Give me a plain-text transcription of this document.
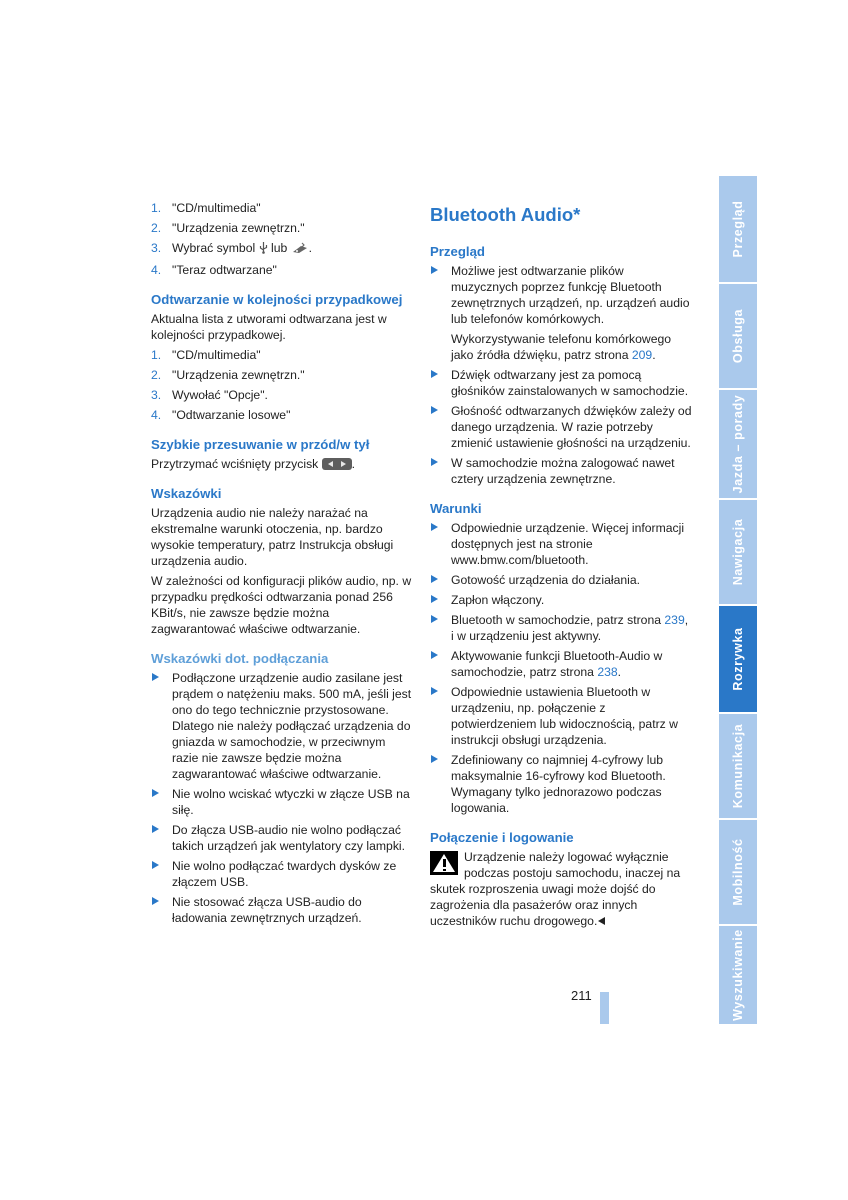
1. "CD/multimedia"
2. "Urządzenia zewnętrzn."
3. Wybrać symbol lub .
4. "Teraz odtwarzane"
Odtwarzanie w kolejności przypadkowej

Aktualna lista z utworami odtwarzana jest w kolejności przypadkowej.

1. "CD/multimedia"
2. "Urządzenia zewnętrzn."
3. Wywołać "Opcje".
4. "Odtwarzanie losowe"
Szybkie przesuwanie w przód/w tył

Przytrzymać wciśnięty przycisk	.

Wskazówki

Urządzenia audio nie należy narażać na ekstremalne warunki otoczenia, np. bardzo wysokie temperatury, patrz Instrukcja obsługi urządzenia audio.

W zależności od konfiguracji plików audio, np. w przypadku prędkości odtwarzania ponad 256 KBit/s, nie zawsze będzie można zagwarantować właściwe odtwarzanie.

Wskazówki dot. podłączania
Podłączone urządzenie audio zasilane jest prądem o natężeniu maks. 500 mA, jeśli jest ono do tego technicznie przystosowane. Dlatego nie należy podłączać urządzenia do gniazda w samochodzie, w przeciwnym razie nie zawsze będzie można zagwarantować właściwe odtwarzanie.
Nie wolno wciskać wtyczki w złącze USB na siłę.
Do złącza USB-audio nie wolno podłączać takich urządzeń jak wentylatory czy lampki.
Nie wolno podłączać twardych dysków ze złączem USB.
Nie stosować złącza USB-audio do ładowania zewnętrznych urządzeń.
Bluetooth Audio*
Przegląd
Możliwe jest odtwarzanie plików muzycznych poprzez funkcję Bluetooth zewnętrznych urządzeń, np. urządzeń audio lub telefonów komórkowych.
Wykorzystywanie telefonu komórkowego jako źródła dźwięku, patrz strona 209.
Dźwięk odtwarzany jest za pomocą głośników zainstalowanych w samochodzie.
Głośność odtwarzanych dźwięków zależy od danego urządzenia. W razie potrzeby zmienić ustawienie głośności na urządzeniu.
W samochodzie można zalogować nawet cztery urządzenia zewnętrzne.
Warunki
Odpowiednie urządzenie. Więcej informacji dostępnych jest na stronie www.bmw.com/bluetooth.
Gotowość urządzenia do działania.
Zapłon włączony.
Bluetooth w samochodzie, patrz strona 239, i w urządzeniu jest aktywny.
Aktywowanie funkcji Bluetooth-Audio w samochodzie, patrz strona 238.
Odpowiednie ustawienia Bluetooth w urządzeniu, np. połączenie z potwierdzeniem lub widocznością, patrz w instrukcji obsługi urządzenia.
Zdefiniowany co najmniej 4-cyfrowy lub maksymalnie 16-cyfrowy kod Bluetooth. Wymagany tylko jednorazowo podczas logowania.
Połączenie i logowanie
Urządzenie należy logować wyłącznie podczas postoju samochodu, inaczej na skutek rozproszenia uwagi może dojść do zagrożenia dla pasażerów oraz innych uczestników ruchu drogowego.
211
Przegląd
Obsługa
Jazda – porady
Nawigacja
Rozrywka
Komunikacja
Mobilność
Wyszukiwanie
